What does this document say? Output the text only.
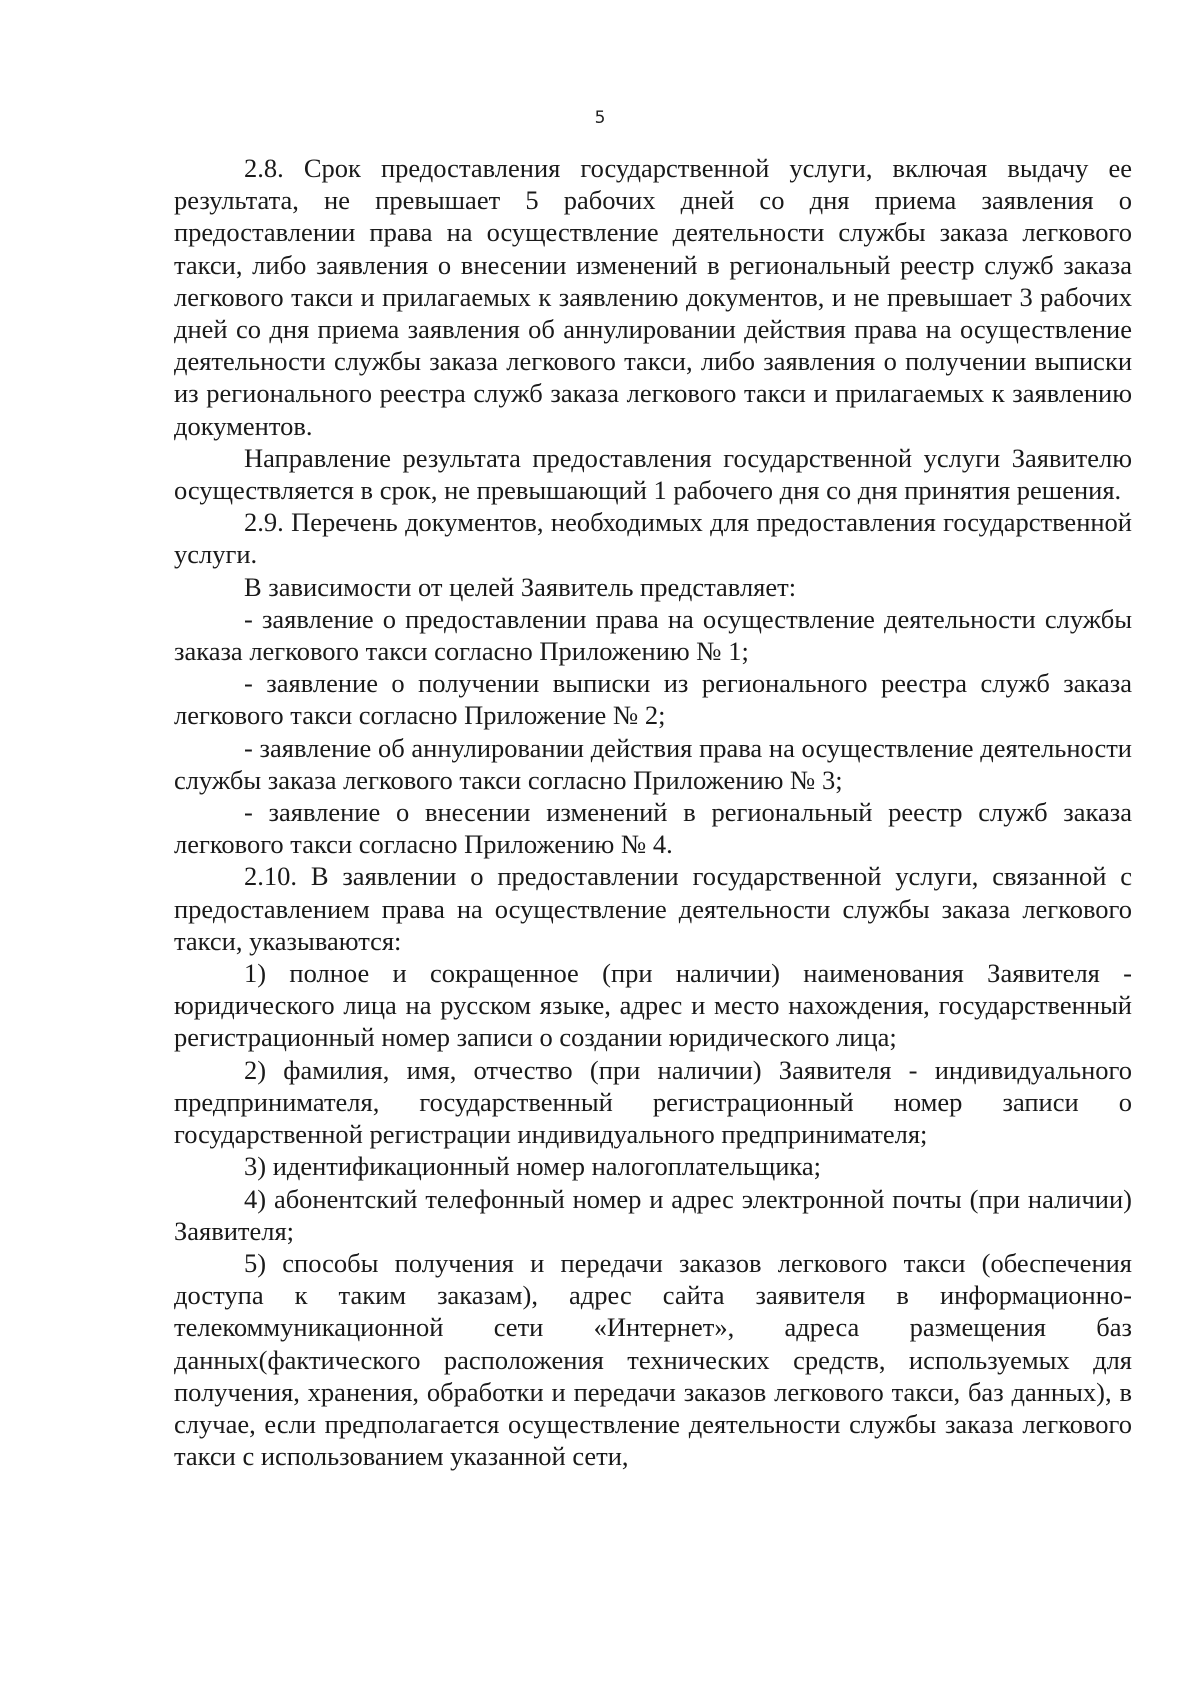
5

2.8. Срок предоставления государственной услуги, включая выдачу ее результата, не превышает 5 рабочих дней со дня приема заявления о предоставлении права на осуществление деятельности службы заказа легкового такси, либо заявления о внесении изменений в региональный реестр служб заказа легкового такси и прилагаемых к заявлению документов, и не превышает 3 рабочих дней со дня приема заявления об аннулировании действия права на осуществление деятельности службы заказа легкового такси, либо заявления о получении выписки из регионального реестра служб заказа легкового такси и прилагаемых к заявлению документов.

Направление результата предоставления государственной услуги Заявителю осуществляется в срок, не превышающий 1 рабочего дня со дня принятия решения.

2.9. Перечень документов, необходимых для предоставления государственной услуги.

В зависимости от целей Заявитель представляет:

- заявление о предоставлении права на осуществление деятельности службы заказа легкового такси согласно Приложению № 1;

- заявление о получении выписки из регионального реестра служб заказа легкового такси согласно Приложение № 2;

- заявление об аннулировании действия права на осуществление деятельности службы заказа легкового такси согласно Приложению № 3;

- заявление о внесении изменений в региональный реестр служб заказа легкового такси согласно Приложению № 4.

2.10. В заявлении о предоставлении государственной услуги, связанной с предоставлением права на осуществление деятельности службы заказа легкового такси, указываются:

1) полное и сокращенное (при наличии) наименования Заявителя - юридического лица на русском языке, адрес и место нахождения, государственный регистрационный номер записи о создании юридического лица;

2) фамилия, имя, отчество (при наличии) Заявителя - индивидуального предпринимателя, государственный регистрационный номер записи о государственной регистрации индивидуального предпринимателя;

3) идентификационный номер налогоплательщика;

4) абонентский телефонный номер и адрес электронной почты (при наличии) Заявителя;

5) способы получения и передачи заказов легкового такси (обеспечения доступа к таким заказам), адрес сайта заявителя в информационно-телекоммуникационной сети «Интернет», адреса размещения баз данных(фактического расположения технических средств, используемых для получения, хранения, обработки и передачи заказов легкового такси, баз данных), в случае, если предполагается осуществление деятельности службы заказа легкового такси с использованием указанной сети,
